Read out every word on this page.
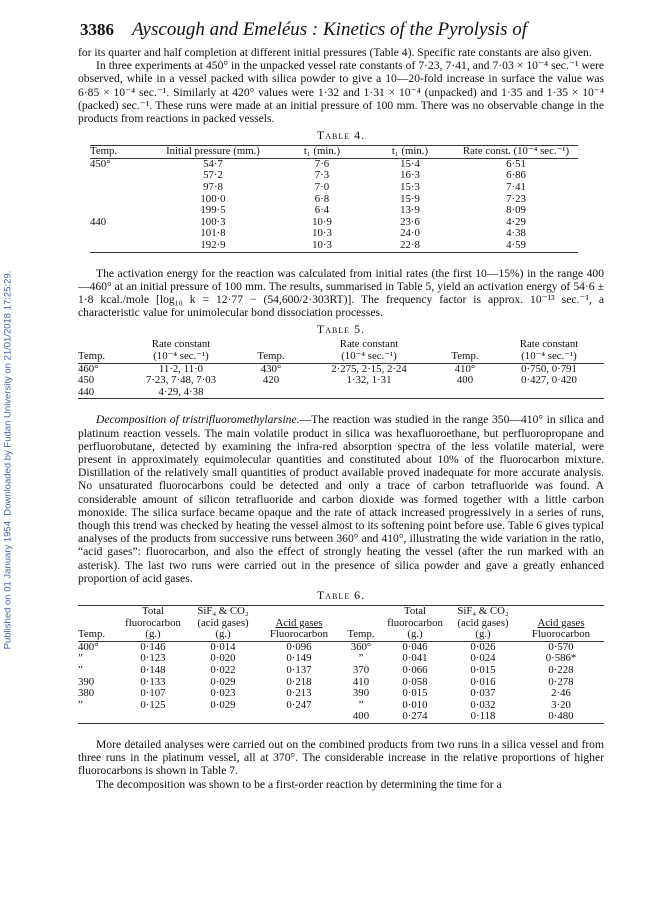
Published on 01 January 1954. Downloaded by Fudan University on 21/01/2018 17:25:29.
3386 Ayscough and Emeléus : Kinetics of the Pyrolysis of

for its quarter and half completion at different initial pressures (Table 4). Specific rate constants are also given.

In three experiments at 450° in the unpacked vessel rate constants of 7·23, 7·41, and 7·03 × 10⁻⁴ sec.⁻¹ were observed, while in a vessel packed with silica powder to give a 10—20-fold increase in surface the value was 6·85 × 10⁻⁴ sec.⁻¹. Similarly at 420° values were 1·32 and 1·31 × 10⁻⁴ (unpacked) and 1·35 and 1·35 × 10⁻⁴ (packed) sec.⁻¹. These runs were made at an initial pressure of 100 mm. There was no observable change in the products from reactions in packed vessels.

Table 4.
Temp.	Initial pressure (mm.)	t₁ (min.)	t₁ (min.)	Rate const. (10⁻⁴ sec.⁻¹)
450°	54·7	7·6	15·4	6·51
	57·2	7·3	16·3	6·86
	97·8	7·0	15·3	7·41
	100·0	6·8	15·9	7·23
	199·5	6·4	13·9	8·09
440	100·3	10·9	23·6	4·29
	101·8	10·3	24·0	4·38
	192·9	10·3	22·8	4·59

The activation energy for the reaction was calculated from initial rates (the first 10—15%) in the range 400—460° at an initial pressure of 100 mm. The results, summarised in Table 5, yield an activation energy of 54·6 ± 1·8 kcal./mole [log₁₀ k = 12·77 − (54,600/2·303RT)]. The frequency factor is approx. 10⁻¹³ sec.⁻¹, a characteristic value for unimolecular bond dissociation processes.

Table 5.
	Rate constant		Rate constant		Rate constant
Temp.	(10⁻⁴ sec.⁻¹)	Temp.	(10⁻⁴ sec.⁻¹)	Temp.	(10⁻⁴ sec.⁻¹)
460°	11·2, 11·0	430°	2·275, 2·15, 2·24	410°	0·750, 0·791
450	7·23, 7·48, 7·03	420	1·32, 1·31	400	0·427, 0·420
440	4·29, 4·38				

Decomposition of tristrifluoromethylarsine.—The reaction was studied in the range 350—410° in silica and platinum reaction vessels. The main volatile product in silica was hexafluoroethane, but perfluoropropane and perfluorobutane, detected by examining the infra-red absorption spectra of the less volatile material, were present in approximately equimolecular quantities and constituted about 10% of the fluorocarbon mixture. Distillation of the relatively small quantities of product available proved inadequate for more accurate analysis. No unsaturated fluorocarbons could be detected and only a trace of carbon tetrafluoride was found. A considerable amount of silicon tetrafluoride and carbon dioxide was formed together with a little carbon monoxide. The silica surface became opaque and the rate of attack increased progressively in a series of runs, though this trend was checked by heating the vessel almost to its softening point before use. Table 6 gives typical analyses of the products from successive runs between 360° and 410°, illustrating the wide variation in the ratio, “acid gases”: fluorocarbon, and also the effect of strongly heating the vessel (after the run marked with an asterisk). The last two runs were carried out in the presence of silica powder and gave a greatly enhanced proportion of acid gases.

Table 6.
	Total	SiF₄ & CO₂			Total	SiF₄ & CO₂	
	fluorocarbon	(acid gases)	Acid gases		fluorocarbon	(acid gases)	Acid gases
Temp.	(g.)	(g.)	Fluorocarbon	Temp.	(g.)	(g.)	Fluorocarbon
400°	0·146	0·014	0·096	360°	0·046	0·026	0·570
”	0·123	0·020	0·149	”	0·041	0·024	0·586*
”	0·148	0·022	0·137	370	0·066	0·015	0·228
390	0·133	0·029	0·218	410	0·058	0·016	0·278
380	0·107	0·023	0·213	390	0·015	0·037	2·46
”	0·125	0·029	0·247	”	0·010	0·032	3·20
				400	0·274	0·118	0·480

More detailed analyses were carried out on the combined products from two runs in a silica vessel and from three runs in the platinum vessel, all at 370°. The considerable increase in the relative proportions of higher fluorocarbons is shown in Table 7.

The decomposition was shown to be a first-order reaction by determining the time for a
